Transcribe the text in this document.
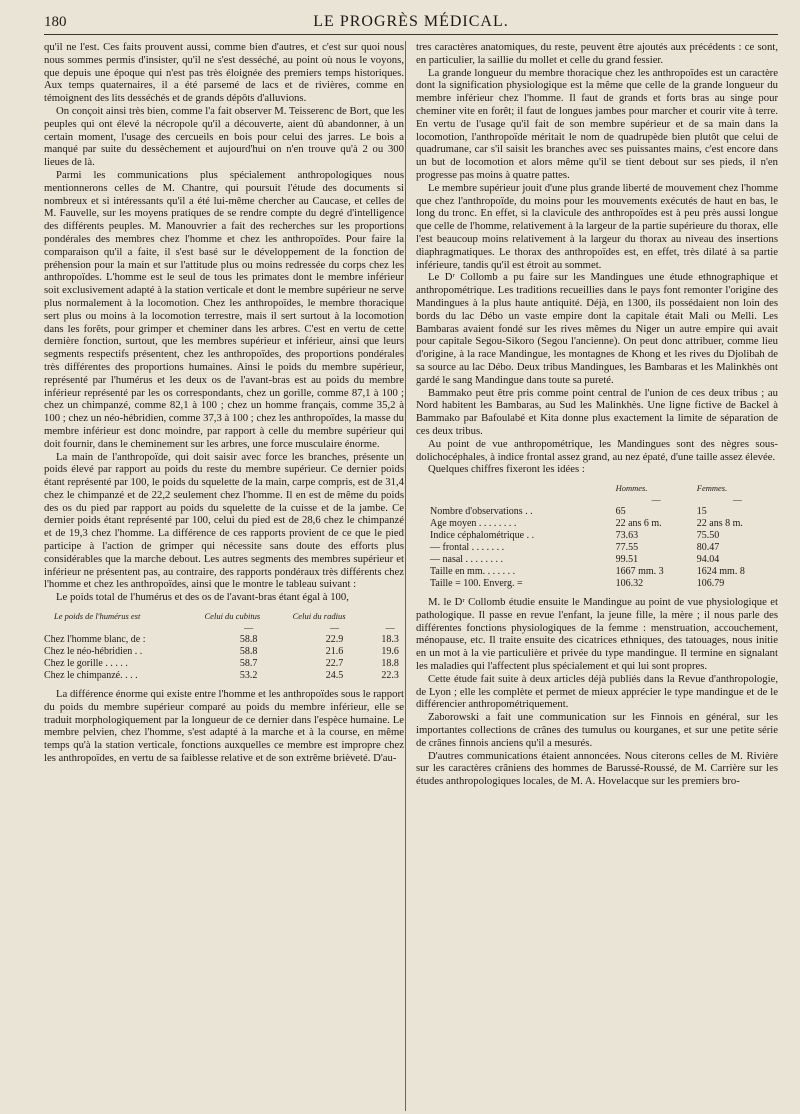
180	LE PROGRÈS MÉDICAL.

qu'il ne l'est. Ces faits prouvent aussi, comme bien d'autres, et c'est sur quoi nous nous sommes permis d'insister, qu'il ne s'est desséché, au point où nous le voyons, que depuis une époque qui n'est pas très éloignée des premiers temps historiques. Aux temps quaternaires, il a été parsemé de lacs et de rivières, comme en témoignent des lits desséchés et de grands dépôts d'alluvions.

On conçoit ainsi très bien, comme l'a fait observer M. Teisserenc de Bort, que les peuples qui ont élevé la nécropole qu'il a découverte, aient dû abandonner, à un certain moment, l'usage des cercueils en bois pour celui des jarres. Le bois a manqué par suite du dessèchement et aujourd'hui on n'en trouve qu'à 2 ou 300 lieues de là.

Parmi les communications plus spécialement anthropologiques nous mentionnerons celles de M. Chantre, qui poursuit l'étude des documents si nombreux et si intéressants qu'il a été lui-même chercher au Caucase, et celles de M. Fauvelle, sur les moyens pratiques de se rendre compte du degré d'intelligence des différents peuples. M. Manouvrier a fait des recherches sur les proportions pondérales des membres chez l'homme et chez les anthropoïdes. Pour faire la comparaison qu'il a faite, il s'est basé sur le développement de la fonction de préhension pour la main et sur l'attitude plus ou moins redressée du corps chez les anthropoïdes. L'homme est le seul de tous les primates dont le membre inférieur soit exclusivement adapté à la station verticale et dont le membre supérieur ne serve plus normalement à la locomotion. Chez les anthropoïdes, le membre thoracique sert plus ou moins à la locomotion terrestre, mais il sert surtout à la locomotion dans les forêts, pour grimper et cheminer dans les arbres. C'est en vertu de cette dernière fonction, surtout, que les membres supérieur et inférieur, ainsi que leurs segments respectifs présentent, chez les anthropoïdes, des proportions pondérales très différentes des proportions humaines. Ainsi le poids du membre supérieur, représenté par l'humérus et les deux os de l'avant-bras est au poids du membre inférieur représenté par les os correspondants, chez un gorille, comme 87,1 à 100 ; chez un chimpanzé, comme 82,1 à 100 ; chez un homme français, comme 35,2 à 100 ; chez un néo-hébridien, comme 37,3 à 100 ; chez les anthropoïdes, la masse du membre inférieur est donc moindre, par rapport à celle du membre supérieur qui doit fournir, dans le cheminement sur les arbres, une force musculaire énorme.

La main de l'anthropoïde, qui doit saisir avec force les branches, présente un poids élevé par rapport au poids du reste du membre supérieur. Ce dernier poids étant représenté par 100, le poids du squelette de la main, carpe compris, est de 31,4 chez le chimpanzé et de 22,2 seulement chez l'homme. Il en est de même du poids des os du pied par rapport au poids du squelette de la cuisse et de la jambe. Ce dernier poids étant représenté par 100, celui du pied est de 28,6 chez le chimpanzé et de 19,3 chez l'homme. La différence de ces rapports provient de ce que le pied participe à l'action de grimper qui nécessite sans doute des efforts plus considérables que la marche debout. Les autres segments des membres supérieur et inférieur ne présentent pas, au contraire, des rapports pondéraux très différents chez l'homme et chez les anthropoïdes, ainsi que le montre le tableau suivant :

Le poids total de l'humérus et des os de l'avant-bras étant égal à 100,

Le poids de l'humérus est	Celui du cubitus	Celui du radius	
	—	—	—
Chez l'homme blanc, de :	58.8	22.9	18.3
Chez le néo-hébridien . .	58.8	21.6	19.6
Chez le gorille . . . . .	58.7	22.7	18.8
Chez le chimpanzé. . . .	53.2	24.5	22.3

La différence énorme qui existe entre l'homme et les anthropoïdes sous le rapport du poids du membre supérieur comparé au poids du membre inférieur, elle se traduit morphologiquement par la longueur de ce dernier dans l'espèce humaine. Le membre pelvien, chez l'homme, s'est adapté à la marche et à la course, en même temps qu'à la station verticale, fonctions auxquelles ce membre est impropre chez les anthropoïdes, en vertu de sa faiblesse relative et de son extrême brièveté. D'au-

tres caractères anatomiques, du reste, peuvent être ajoutés aux précédents : ce sont, en particulier, la saillie du mollet et celle du grand fessier.

La grande longueur du membre thoracique chez les anthropoïdes est un caractère dont la signification physiologique est la même que celle de la grande longueur du membre inférieur chez l'homme. Il faut de grands et forts bras au singe pour cheminer vite en forêt; il faut de longues jambes pour marcher et courir vite à terre. En vertu de l'usage qu'il fait de son membre supérieur et de sa main dans la locomotion, l'anthropoïde méritait le nom de quadrupède bien plutôt que celui de quadrumane, car s'il saisit les branches avec ses puissantes mains, c'est encore dans un but de locomotion et alors même qu'il se tient debout sur ses pieds, il n'en progresse pas moins à quatre pattes.

Le membre supérieur jouit d'une plus grande liberté de mouvement chez l'homme que chez l'anthropoïde, du moins pour les mouvements exécutés de haut en bas, le long du tronc. En effet, si la clavicule des anthropoïdes est à peu près aussi longue que celle de l'homme, relativement à la largeur de la partie supérieure du thorax, elle l'est beaucoup moins relativement à la largeur du thorax au niveau des insertions diaphragmatiques. Le thorax des anthropoïdes est, en effet, très dilaté à sa partie inférieure, tandis qu'il est étroit au sommet.

Le Dʳ Collomb a pu faire sur les Mandingues une étude ethnographique et anthropométrique. Les traditions recueillies dans le pays font remonter l'origine des Mandingues à la plus haute antiquité. Déjà, en 1300, ils possédaient non loin des bords du lac Débo un vaste empire dont la capitale était Mali ou Melli. Les Bambaras avaient fondé sur les rives mêmes du Niger un autre empire qui avait pour capitale Segou-Sikoro (Segou l'ancienne). On peut donc attribuer, comme lieu d'origine, à la race Mandingue, les montagnes de Khong et les rives du Djolibah de sa source au lac Débo. Deux tribus Mandingues, les Bambaras et les Malinkhès ont gardé le sang Mandingue dans toute sa pureté.

Bammako peut être pris comme point central de l'union de ces deux tribus ; au Nord habitent les Bambaras, au Sud les Malinkhès. Une ligne fictive de Backel à Bammako par Bafoulabé et Kita donne plus exactement la limite de séparation de ces deux tribus.

Au point de vue anthropométrique, les Mandingues sont des nègres sous-dolichocéphales, à indice frontal assez grand, au nez épaté, d'une taille assez élevée.

Quelques chiffres fixeront les idées :

	Hommes.	Femmes.
	—	—
Nombre d'observations . .	65	15
Age moyen . . . . . . . .	22 ans 6 m.	22 ans 8 m.
Indice céphalométrique . .	73.63	75.50
— frontal . . . . . . .	77.55	80.47
— nasal . . . . . . . .	99.51	94.04
Taille en mm. . . . . . .	1667 mm. 3	1624 mm. 8
Taille = 100. Enverg. =	106.32	106.79

M. le Dʳ Collomb étudie ensuite le Mandingue au point de vue physiologique et pathologique. Il passe en revue l'enfant, la jeune fille, la mère ; il nous parle des différentes fonctions physiologiques de la femme : menstruation, accouchement, ménopause, etc. Il traite ensuite des cicatrices ethniques, des tatouages, nous initie en un mot à la vie particulière et privée du type mandingue. Il termine en signalant les maladies qui l'affectent plus spécialement et qui lui sont propres.

Cette étude fait suite à deux articles déjà publiés dans la Revue d'anthropologie, de Lyon ; elle les complète et permet de mieux apprécier le type mandingue et de le différencier anthropométriquement.

Zaborowski a fait une communication sur les Finnois en général, sur les importantes collections de crânes des tumulus ou kourganes, et sur une petite série de crânes finnois anciens qu'il a mesurés.

D'autres communications étaient annoncées. Nous citerons celles de M. Rivière sur les caractères crâniens des hommes de Barussé-Roussé, de M. Carrière sur les études anthropologiques locales, de M. A. Hovelacque sur les premiers bro-
